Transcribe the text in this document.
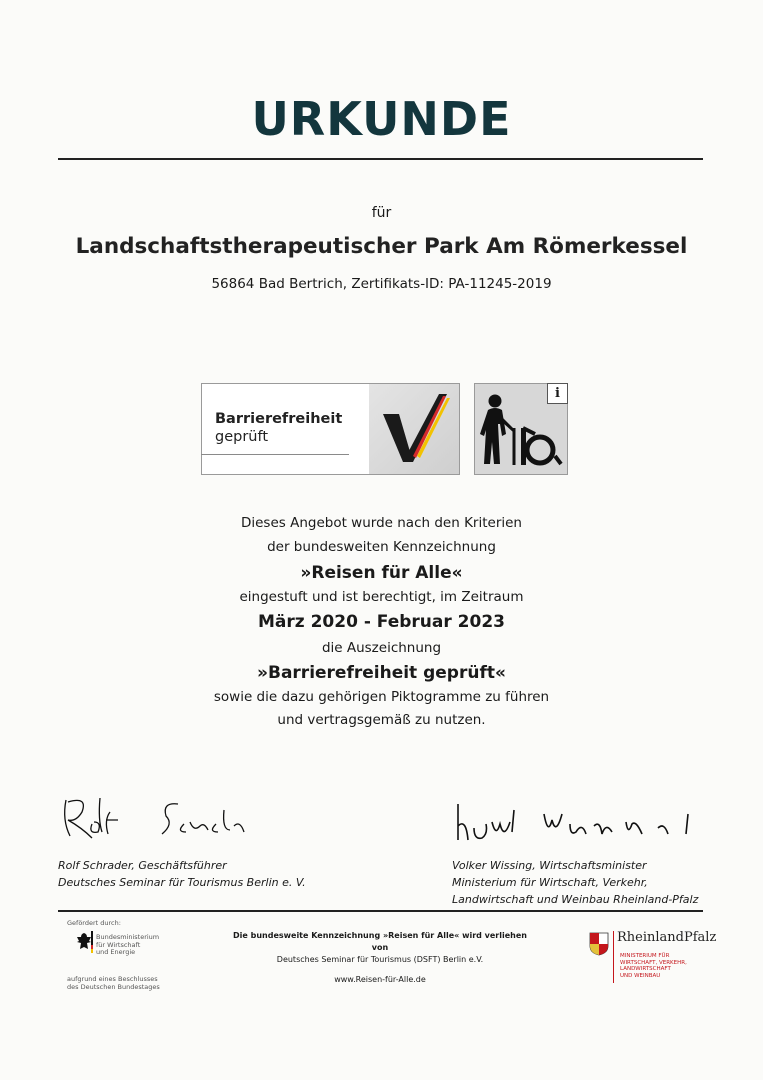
URKUNDE
für
Landschaftstherapeutischer Park Am Römerkessel
56864 Bad Bertrich, Zertifikats-ID: PA-11245-2019
Barrierefreiheit
geprüft
i
Dieses Angebot wurde nach den Kriterien
der bundesweiten Kennzeichnung
»Reisen für Alle«
eingestuft und ist berechtigt, im Zeitraum
März 2020 - Februar 2023
die Auszeichnung
»Barrierefreiheit geprüft«
sowie die dazu gehörigen Piktogramme zu führen
und vertragsgemäß zu nutzen.
Rolf Schrader, Geschäftsführer
Deutsches Seminar für Tourismus Berlin e. V.
Volker Wissing, Wirtschaftsminister
Ministerium für Wirtschaft, Verkehr,
Landwirtschaft und Weinbau Rheinland-Pfalz
Gefördert durch:
Bundesministerium
für Wirtschaft
und Energie
aufgrund eines Beschlusses
des Deutschen Bundestages
Die bundesweite Kennzeichnung »Reisen für Alle« wird verliehen von
Deutsches Seminar für Tourismus (DSFT) Berlin e.V.
www.Reisen-für-Alle.de
RheinlandPfalz
MINISTERIUM FÜR
WIRTSCHAFT, VERKEHR,
LANDWIRTSCHAFT
UND WEINBAU
